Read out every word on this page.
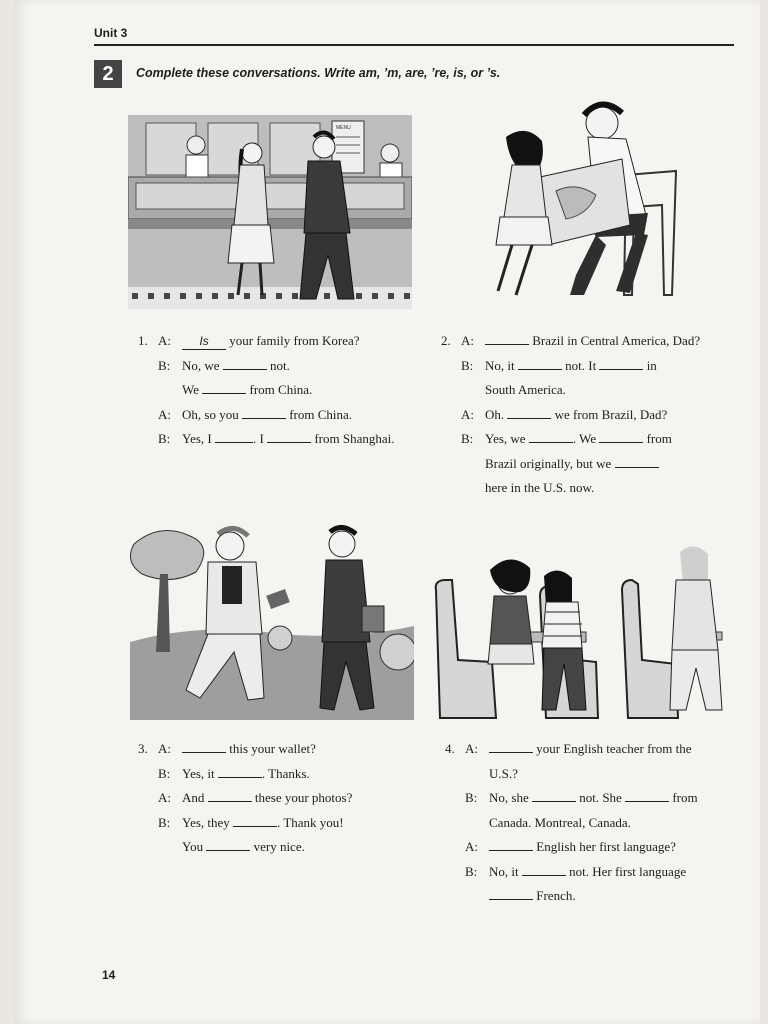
Unit 3
2	Complete these conversations. Write am, ’m, are, ’re, is, or ’s.
MENU
1. A:	Is your family from Korea?
B: No, we	not.
We	from China.
A: Oh, so you	from China.
B: Yes, I	. I	from Shanghai.
2. A:	Brazil in Central America, Dad?
B: No, it	not. It	in
South America.
A: Oh.	we from Brazil, Dad?
B: Yes, we	. We	from
Brazil originally, but we
here in the U.S. now.
3. A:	this your wallet?
B: Yes, it	. Thanks.
A: And	these your photos?
B: Yes, they	. Thank you!
You	very nice.
4. A:	your English teacher from the
U.S.?
B: No, she	not. She	from
Canada. Montreal, Canada.
A:	English her first language?
B: No, it	not. Her first language
French.
14
